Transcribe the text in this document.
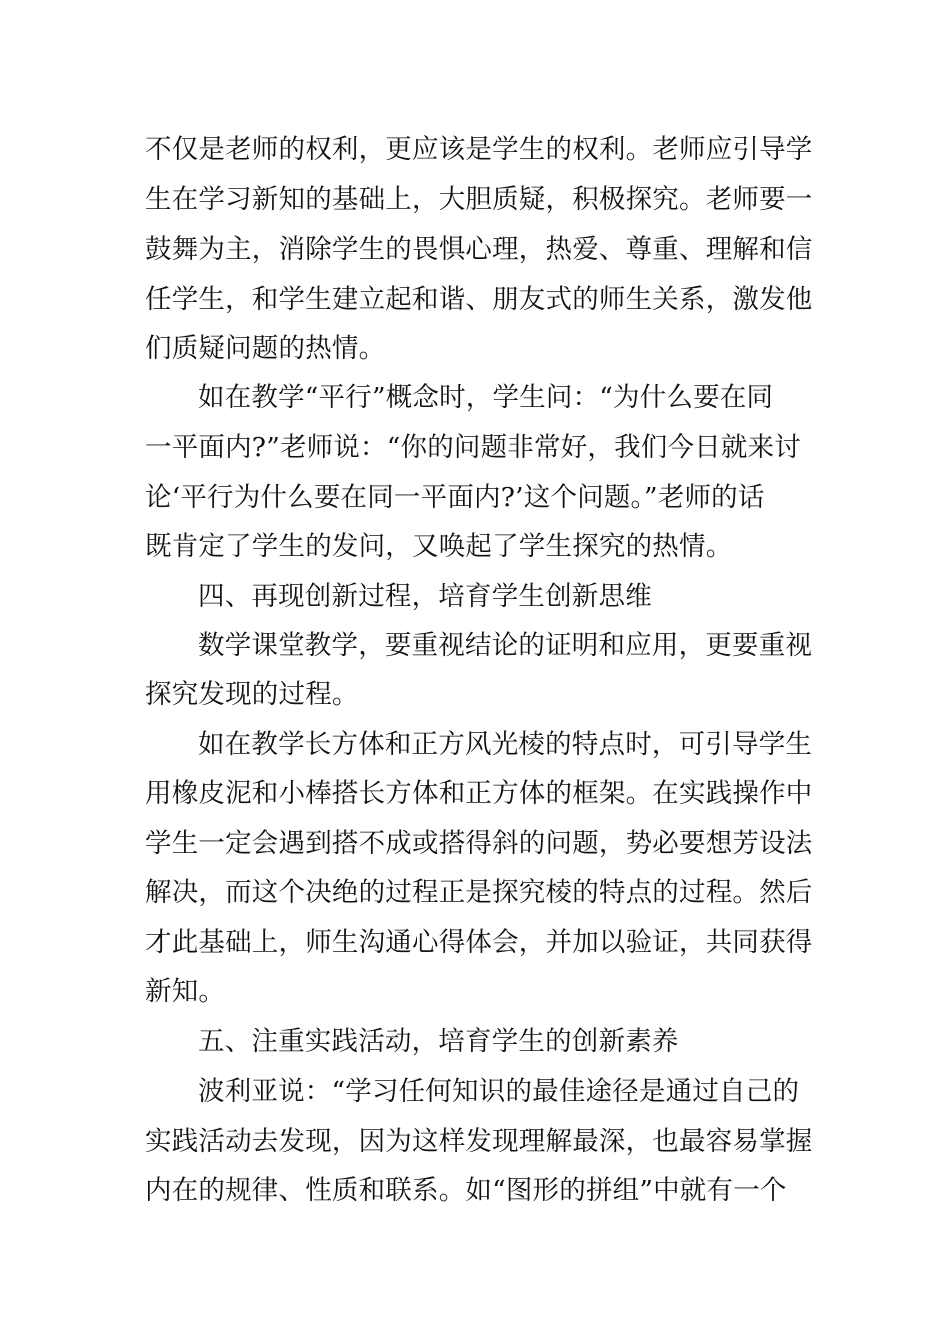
不仅是老师的权利，更应该是学生的权利。老师应引导学
生在学习新知的基础上，大胆质疑，积极探究。老师要一
鼓舞为主，消除学生的畏惧心理，热爱、尊重、理解和信
任学生，和学生建立起和谐、朋友式的师生关系，激发他
们质疑问题的热情。
如在教学“平行”概念时，学生问：“为什么要在同
一平面内?”老师说：“你的问题非常好，我们今日就来讨
论‘平行为什么要在同一平面内?’这个问题。”老师的话
既肯定了学生的发问，又唤起了学生探究的热情。
四、再现创新过程，培育学生创新思维
数学课堂教学，要重视结论的证明和应用，更要重视
探究发现的过程。
如在教学长方体和正方风光棱的特点时，可引导学生
用橡皮泥和小棒搭长方体和正方体的框架。在实践操作中
学生一定会遇到搭不成或搭得斜的问题，势必要想芳设法
解决，而这个决绝的过程正是探究棱的特点的过程。然后
才此基础上，师生沟通心得体会，并加以验证，共同获得
新知。
五、注重实践活动，培育学生的创新素养
波利亚说：“学习任何知识的最佳途径是通过自己的
实践活动去发现，因为这样发现理解最深，也最容易掌握
内在的规律、性质和联系。如“图形的拼组”中就有一个
